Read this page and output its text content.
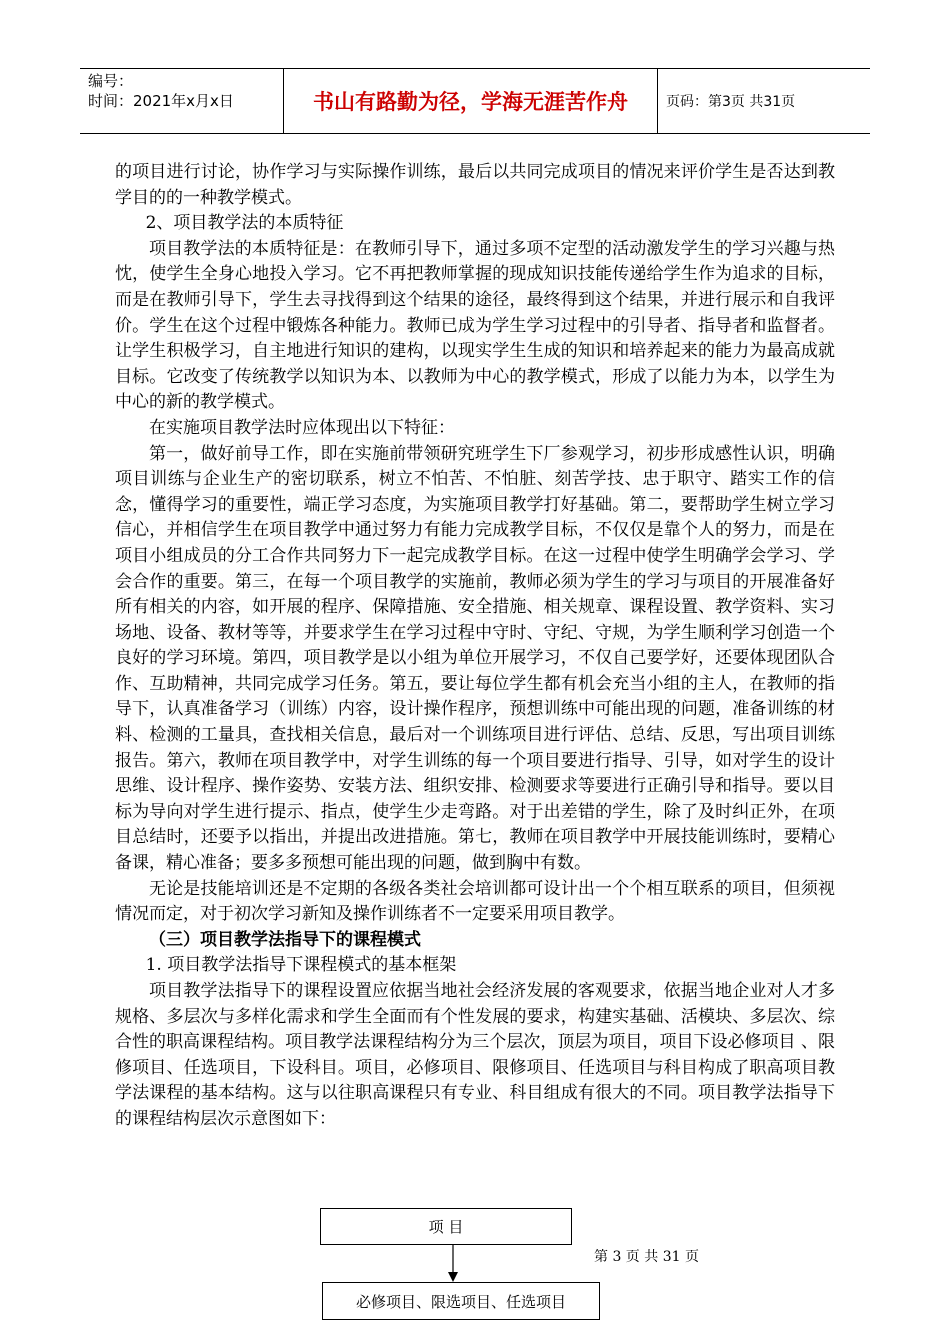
编号：
时间：2021年x月x日	书山有路勤为径，学海无涯苦作舟	页码：第3页 共31页

的项目进行讨论，协作学习与实际操作训练，最后以共同完成项目的情况来评价学生是否达到教学目的的一种教学模式。

2、项目教学法的本质特征

项目教学法的本质特征是：在教师引导下，通过多项不定型的活动激发学生的学习兴趣与热忱，使学生全身心地投入学习。它不再把教师掌握的现成知识技能传递给学生作为追求的目标，而是在教师引导下，学生去寻找得到这个结果的途径，最终得到这个结果，并进行展示和自我评价。学生在这个过程中锻炼各种能力。教师已成为学生学习过程中的引导者、指导者和监督者。让学生积极学习，自主地进行知识的建构，以现实学生生成的知识和培养起来的能力为最高成就目标。它改变了传统教学以知识为本、以教师为中心的教学模式，形成了以能力为本，以学生为中心的新的教学模式。

在实施项目教学法时应体现出以下特征：

第一，做好前导工作，即在实施前带领研究班学生下厂参观学习，初步形成感性认识，明确项目训练与企业生产的密切联系，树立不怕苦、不怕脏、刻苦学技、忠于职守、踏实工作的信念，懂得学习的重要性，端正学习态度，为实施项目教学打好基础。第二，要帮助学生树立学习信心，并相信学生在项目教学中通过努力有能力完成教学目标，不仅仅是靠个人的努力，而是在项目小组成员的分工合作共同努力下一起完成教学目标。在这一过程中使学生明确学会学习、学会合作的重要。第三，在每一个项目教学的实施前，教师必须为学生的学习与项目的开展准备好所有相关的内容，如开展的程序、保障措施、安全措施、相关规章、课程设置、教学资料、实习场地、设备、教材等等，并要求学生在学习过程中守时、守纪、守规，为学生顺利学习创造一个良好的学习环境。第四，项目教学是以小组为单位开展学习，不仅自己要学好，还要体现团队合作、互助精神，共同完成学习任务。第五，要让每位学生都有机会充当小组的主人，在教师的指导下，认真准备学习（训练）内容，设计操作程序，预想训练中可能出现的问题，准备训练的材料、检测的工量具，查找相关信息，最后对一个训练项目进行评估、总结、反思，写出项目训练报告。第六，教师在项目教学中，对学生训练的每一个项目要进行指导、引导，如对学生的设计思维、设计程序、操作姿势、安装方法、组织安排、检测要求等要进行正确引导和指导。要以目标为导向对学生进行提示、指点，使学生少走弯路。对于出差错的学生，除了及时纠正外，在项目总结时，还要予以指出，并提出改进措施。第七，教师在项目教学中开展技能训练时，要精心备课，精心准备；要多多预想可能出现的问题，做到胸中有数。

无论是技能培训还是不定期的各级各类社会培训都可设计出一个个相互联系的项目，但须视情况而定，对于初次学习新知及操作训练者不一定要采用项目教学。

（三）项目教学法指导下的课程模式

1. 项目教学法指导下课程模式的基本框架

项目教学法指导下的课程设置应依据当地社会经济发展的客观要求，依据当地企业对人才多规格、多层次与多样化需求和学生全面而有个性发展的要求，构建实基础、活模块、多层次、综合性的职高课程结构。项目教学法课程结构分为三个层次，顶层为项目，项目下设必修项目 、限修项目、任选项目，下设科目。项目，必修项目、限修项目、任选项目与科目构成了职高项目教学法课程的基本结构。这与以往职高课程只有专业、科目组成有很大的不同。项目教学法指导下的课程结构层次示意图如下：

项 目
必修项目、限选项目、任选项目
第 3 页 共 31 页
